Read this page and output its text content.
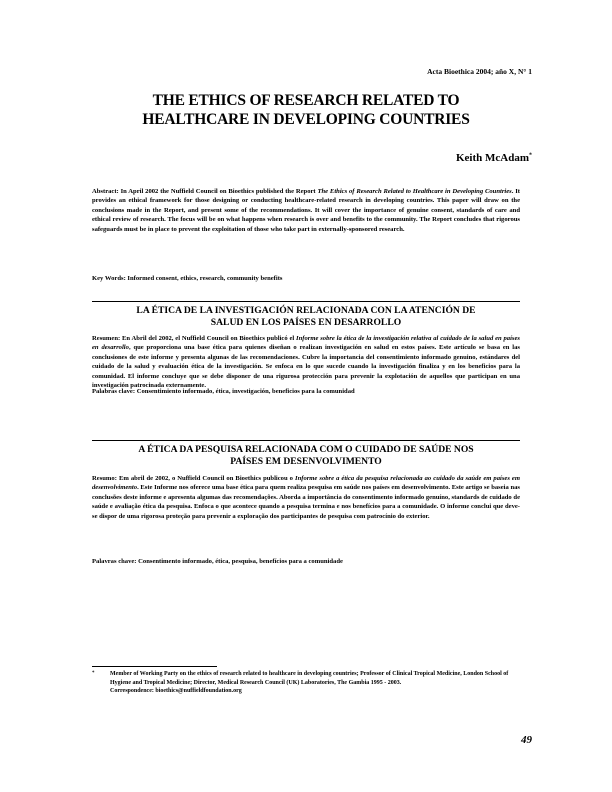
Acta Bioethica 2004; año X, N° 1
THE ETHICS OF RESEARCH RELATED TO
HEALTHCARE IN DEVELOPING COUNTRIES
Keith McAdam*
Abstract: In April 2002 the Nuffield Council on Bioethics published the Report The Ethics of Research Related to Healthcare in Developing Countries. It provides an ethical framework for those designing or conducting healthcare-related research in developing countries. This paper will draw on the conclusions made in the Report, and present some of the recommendations. It will cover the importance of genuine consent, standards of care and ethical review of research. The focus will be on what happens when research is over and benefits to the community. The Report concludes that rigorous safeguards must be in place to prevent the exploitation of those who take part in externally-sponsored research.
Key Words: Informed consent, ethics, research, community benefits
LA ÉTICA DE LA INVESTIGACIÓN RELACIONADA CON LA ATENCIÓN DE
SALUD EN LOS PAÍSES EN DESARROLLO
Resumen: En Abril del 2002, el Nuffield Council on Bioethics publicó el Informe sobre la ética de la investigación relativa al cuidado de la salud en países en desarrollo, que proporciona una base ética para quienes diseñan o realizan investigación en salud en estos países. Este artículo se basa en las conclusiones de este informe y presenta algunas de las recomendaciones. Cubre la importancia del consentimiento informado genuino, estándares del cuidado de la salud y evaluación ética de la investigación. Se enfoca en lo que sucede cuando la investigación finaliza y en los beneficios para la comunidad. El informe concluye que se debe disponer de una rigurosa protección para prevenir la explotación de aquellos que participan en una investigación patrocinada externamente.
Palabras clave: Consentimiento informado, ética, investigación, beneficios para la comunidad
A ÉTICA DA PESQUISA RELACIONADA COM O CUIDADO DE SAÚDE NOS
PAÍSES EM DESENVOLVIMENTO
Resumo: Em abril de 2002, o Nuffield Council on Bioethics publicou o Informe sobre a ética da pesquisa relacionada ao cuidado da saúde em países em desenvolvimento. Este Informe nos oferece uma base ética para quem realiza pesquisa em saúde nos países em desenvolvimento. Este artigo se baseia nas conclusões deste informe e apresenta algumas das recomendações. Aborda a importância do consentimento informado genuíno, standards de cuidado de saúde e avaliação ética da pesquisa. Enfoca o que acontece quando a pesquisa termina e nos benefícios para a comunidade. O informe conclui que deve-se dispor de uma rigorosa proteção para prevenir a exploração dos participantes de pesquisa com patrocínio do exterior.
Palavras chave: Consentimento informado, ética, pesquisa, benefícios para a comunidade
*	Member of Working Party on the ethics of research related to healthcare in developing countries; Professor of Clinical Tropical Medicine, London School of Hygiene and Tropical Medicine; Director, Medical Research Council (UK) Laboratories, The Gambia 1995 - 2003.
Correspondence: bioethics@nuffieldfoundation.org
49
